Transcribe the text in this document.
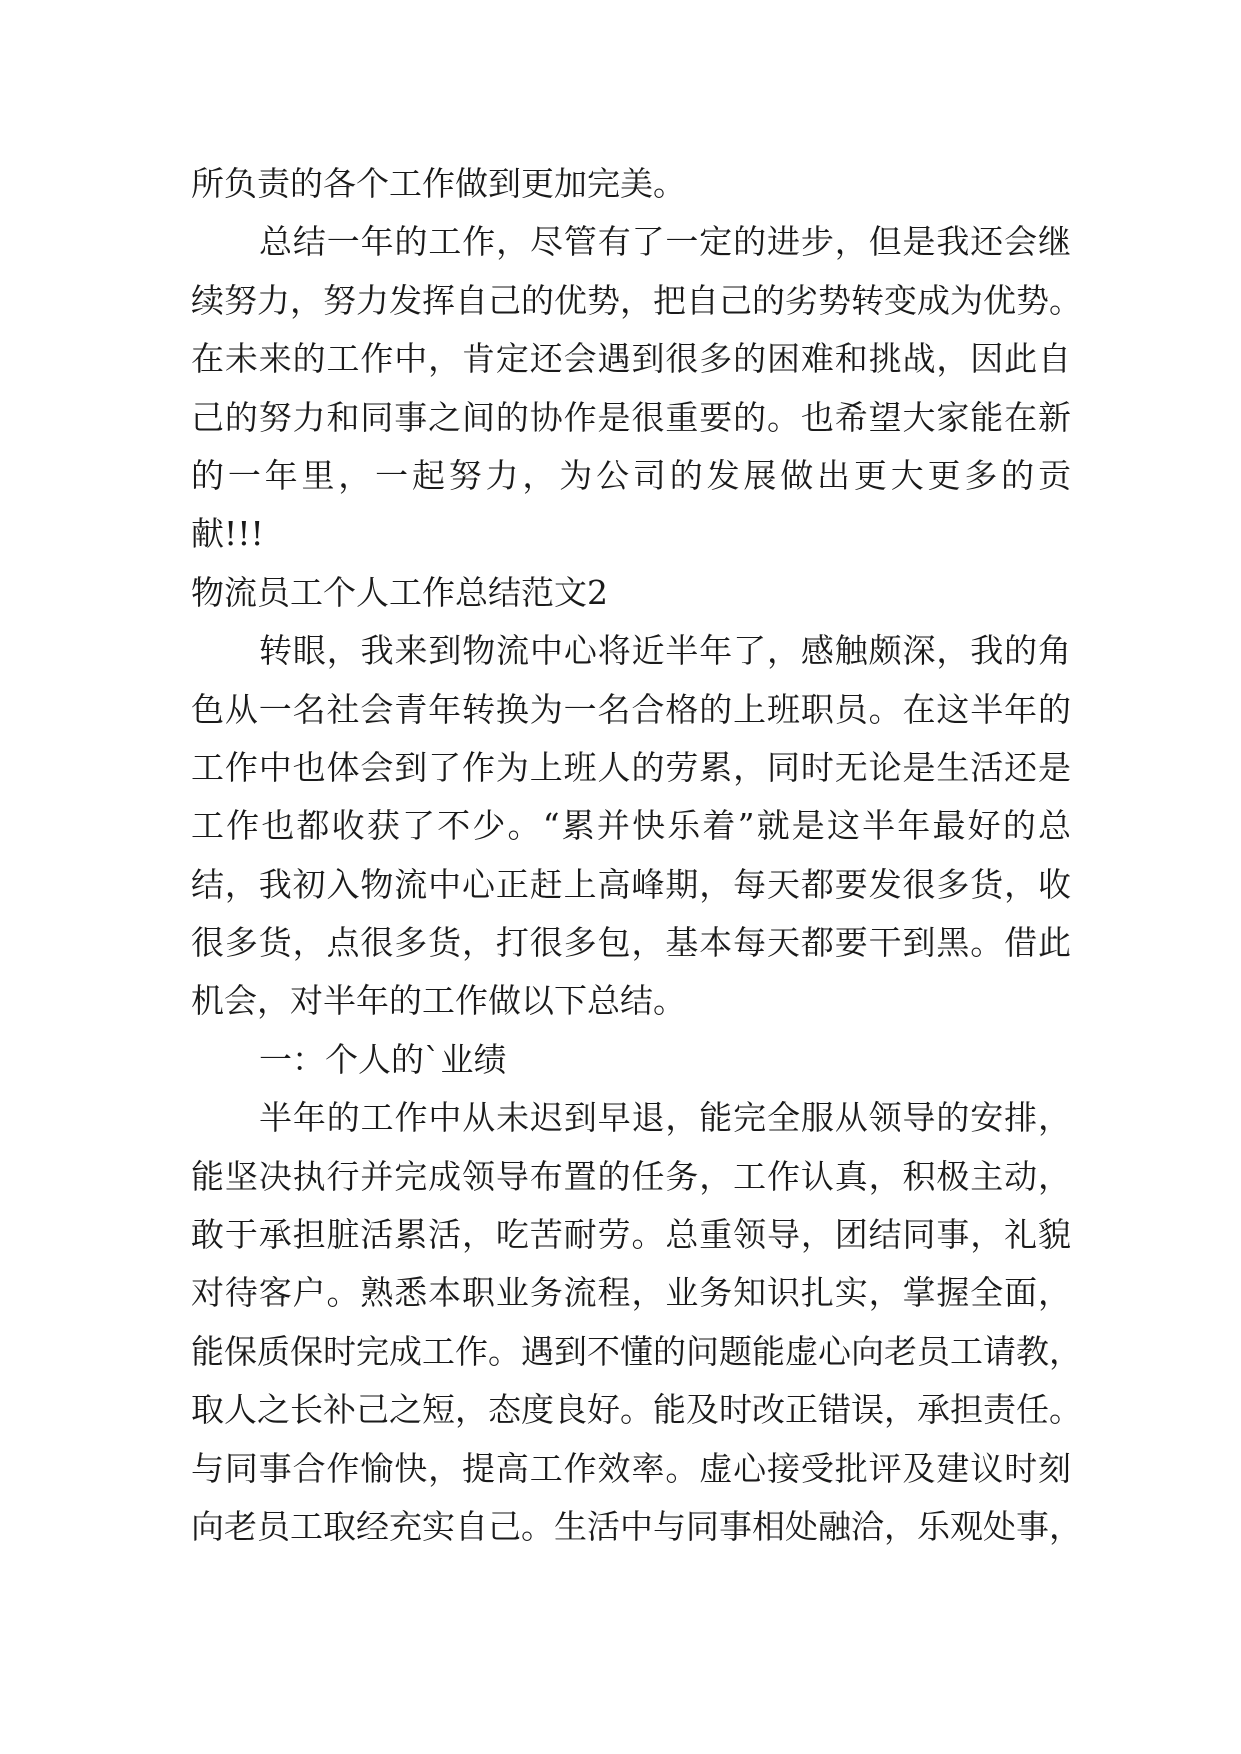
所负责的各个工作做到更加完美。
总结一年的工作，尽管有了一定的进步，但是我还会继
续努力，努力发挥自己的优势，把自己的劣势转变成为优势。
在未来的工作中，肯定还会遇到很多的困难和挑战，因此自
己的努力和同事之间的协作是很重要的。也希望大家能在新
的一年里，一起努力，为公司的发展做出更大更多的贡
献!!!
物流员工个人工作总结范文2
转眼，我来到物流中心将近半年了，感触颇深，我的角
色从一名社会青年转换为一名合格的上班职员。在这半年的
工作中也体会到了作为上班人的劳累，同时无论是生活还是
工作也都收获了不少。“累并快乐着”就是这半年最好的总
结，我初入物流中心正赶上高峰期，每天都要发很多货，收
很多货，点很多货，打很多包，基本每天都要干到黑。借此
机会，对半年的工作做以下总结。
一：个人的`业绩
半年的工作中从未迟到早退，能完全服从领导的安排，
能坚决执行并完成领导布置的任务，工作认真，积极主动，
敢于承担脏活累活，吃苦耐劳。总重领导，团结同事，礼貌
对待客户。熟悉本职业务流程，业务知识扎实，掌握全面，
能保质保时完成工作。遇到不懂的问题能虚心向老员工请教，
取人之长补己之短，态度良好。能及时改正错误，承担责任。
与同事合作愉快，提高工作效率。虚心接受批评及建议时刻
向老员工取经充实自己。生活中与同事相处融洽，乐观处事，
